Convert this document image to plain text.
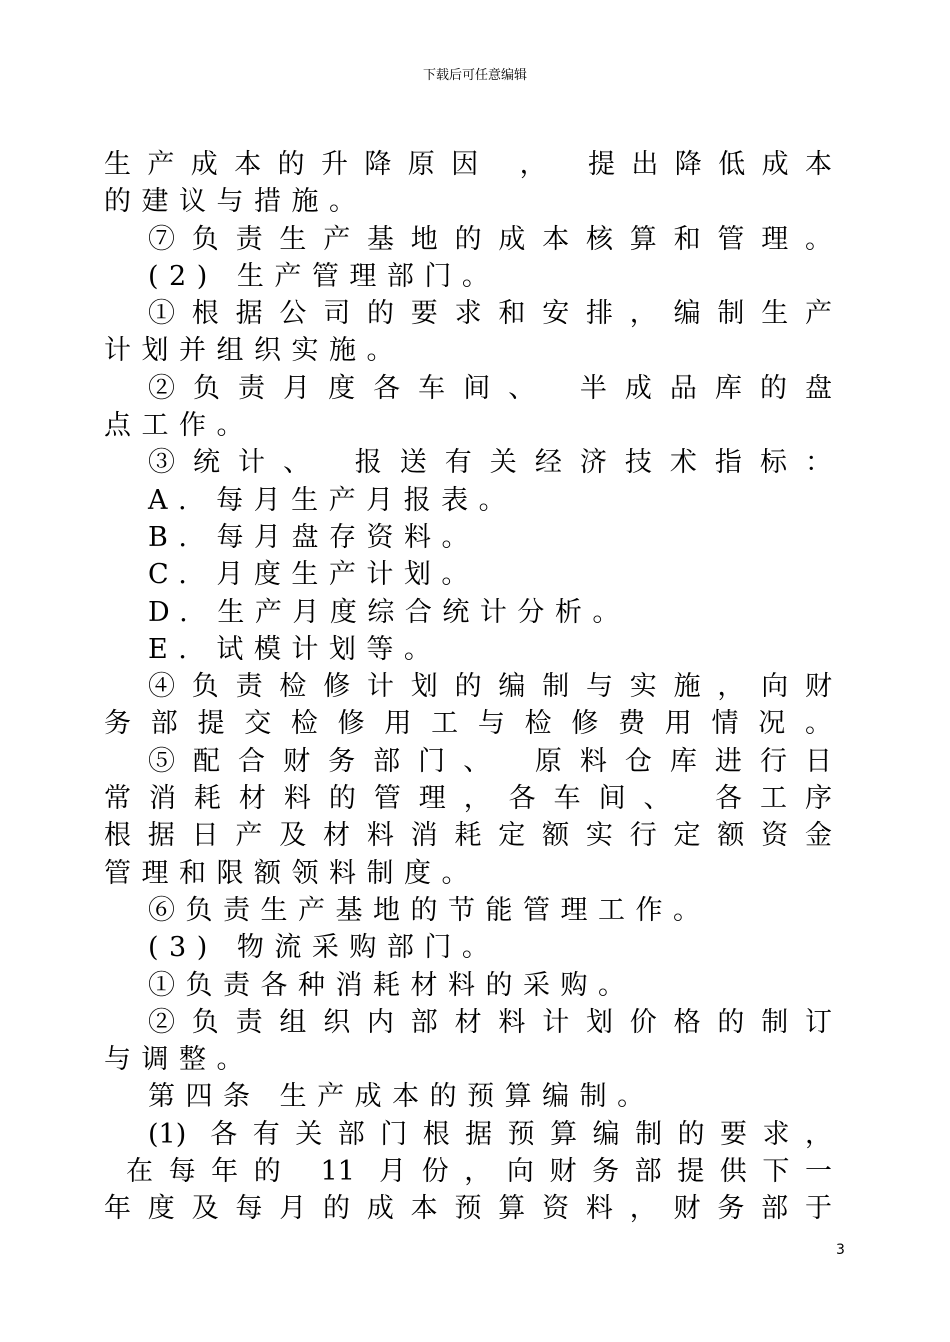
下载后可任意编辑
生产成本的升降原因 ， 提出降低成本
的建议与措施。
⑦负责生产基地的成本核算和管理。
(2) 生产管理部门。
①根据公司的要求和安排，编制生产
计划并组织实施。
②负责月度各车间、 半成品库的盘
点工作。
③统计、 报送有关经济技术指标：
A. 每月生产月报表。
B. 每月盘存资料。
C. 月度生产计划。
D. 生产月度综合统计分析。
E. 试模计划等。
④负责检修计划的编制与实施，向财
务部提交检修用工与检修费用情况。
⑤配合财务部门、 原料仓库进行日
常消耗材料的管理，各车间、 各工序
根据日产及材料消耗定额实行定额资金
管理和限额领料制度。
⑥负责生产基地的节能管理工作。
(3) 物流采购部门。
①负责各种消耗材料的采购。
②负责组织内部材料计划价格的制订
与调整。
第四条 生产成本的预算编制。
(1) 各有关部门根据预算编制的要求，
在每年的 11 月份，向财务部提供下一
年度及每月的成本预算资料，财务部于
3
